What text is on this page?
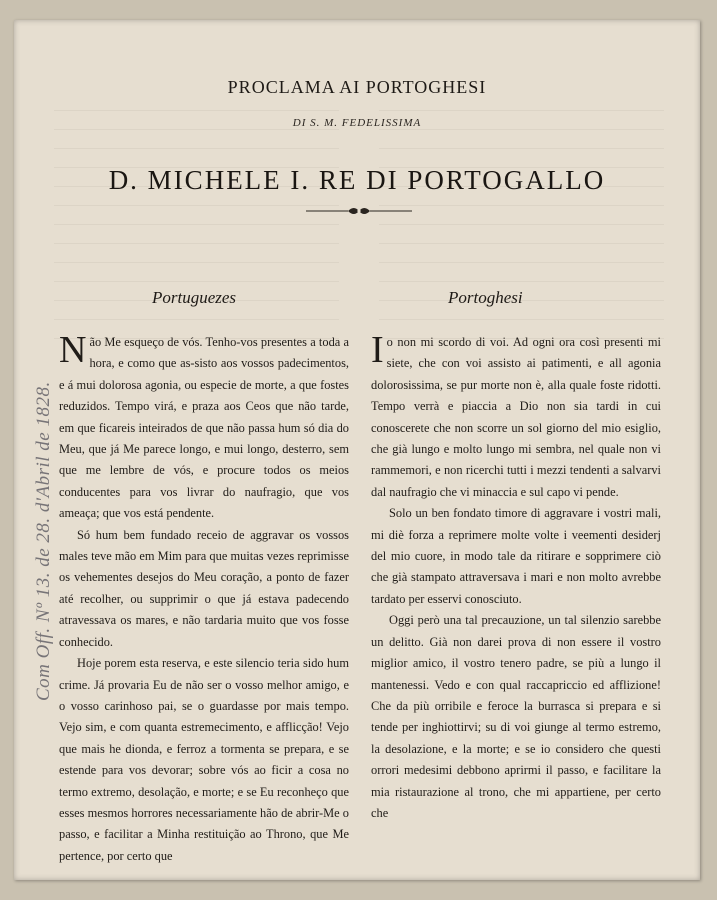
PROCLAMA AI PORTOGHESI
DI S. M. FEDELISSIMA
D. MICHELE I. RE DI PORTOGALLO
Portuguezes	Portoghesi
N ão Me esqueço de vós. Tenho-vos presentes a toda a hora, e como que as-sisto aos vossos padecimentos, e á mui dolorosa agonia, ou especie de morte, a que fostes reduzidos. Tempo virá, e praza aos Ceos que não tarde, em que ficareis inteirados de que não passa hum só dia do Meu, que já Me parece longo, e mui longo, desterro, sem que me lembre de vós, e procure todos os meios conducentes para vos livrar do naufragio, que vos ameaça; que vos está pendente.

Só hum bem fundado receio de aggravar os vossos males teve mão em Mim para que muitas vezes reprimisse os vehementes desejos do Meu coração, a ponto de fazer até recolher, ou supprimir o que já estava padecendo atravessava os mares, e não tardaria muito que vos fosse conhecido.

Hoje porem esta reserva, e este silencio teria sido hum crime. Já provaria Eu de não ser o vosso melhor amigo, e o vosso carinhoso pai, se o guardasse por mais tempo. Vejo sim, e com quanta estremecimento, e afflicção! Vejo que mais he dionda, e ferroz a tormenta se prepara, e se estende para vos devorar; sobre vós ao ficir a cosa no termo extremo, desolação, e morte; e se Eu reconheço que esses mesmos horrores necessariamente hão de abrir-Me o passo, e facilitar a Minha restituição ao Throno, que Me pertence, por certo que

I o non mi scordo di voi. Ad ogni ora così presenti mi siete, che con voi assisto ai patimenti, e all agonia dolorosissima, se pur morte non è, alla quale foste ridotti. Tempo verrà e piaccia a Dio non sia tardi in cui conoscerete che non scorre un sol giorno del mio esiglio, che già lungo e molto lungo mi sembra, nel quale non vi rammemori, e non ricerchi tutti i mezzi tendenti a salvarvi dal naufragio che vi minaccia e sul capo vi pende.

Solo un ben fondato timore di aggravare i vostri mali, mi diè forza a reprimere molte volte i veementi desiderj del mio cuore, in modo tale da ritirare e sopprimere ciò che già stampato attraversava i mari e non molto avrebbe tardato per esservi conosciuto.

Oggi però una tal precauzione, un tal silenzio sarebbe un delitto. Già non darei prova di non essere il vostro miglior amico, il vostro tenero padre, se più a lungo il mantenessi. Vedo e con qual raccapriccio ed afflizione! Che da più orribile e feroce la burrasca si prepara e si tende per inghiottirvi; su di voi giunge al termo estremo, la desolazione, e la morte; e se io considero che questi orrori medesimi debbono aprirmi il passo, e facilitare la mia ristaurazione al trono, che mi appartiene, per certo che

Com Off. Nº 13. de 28. d'Abril de 1828.
